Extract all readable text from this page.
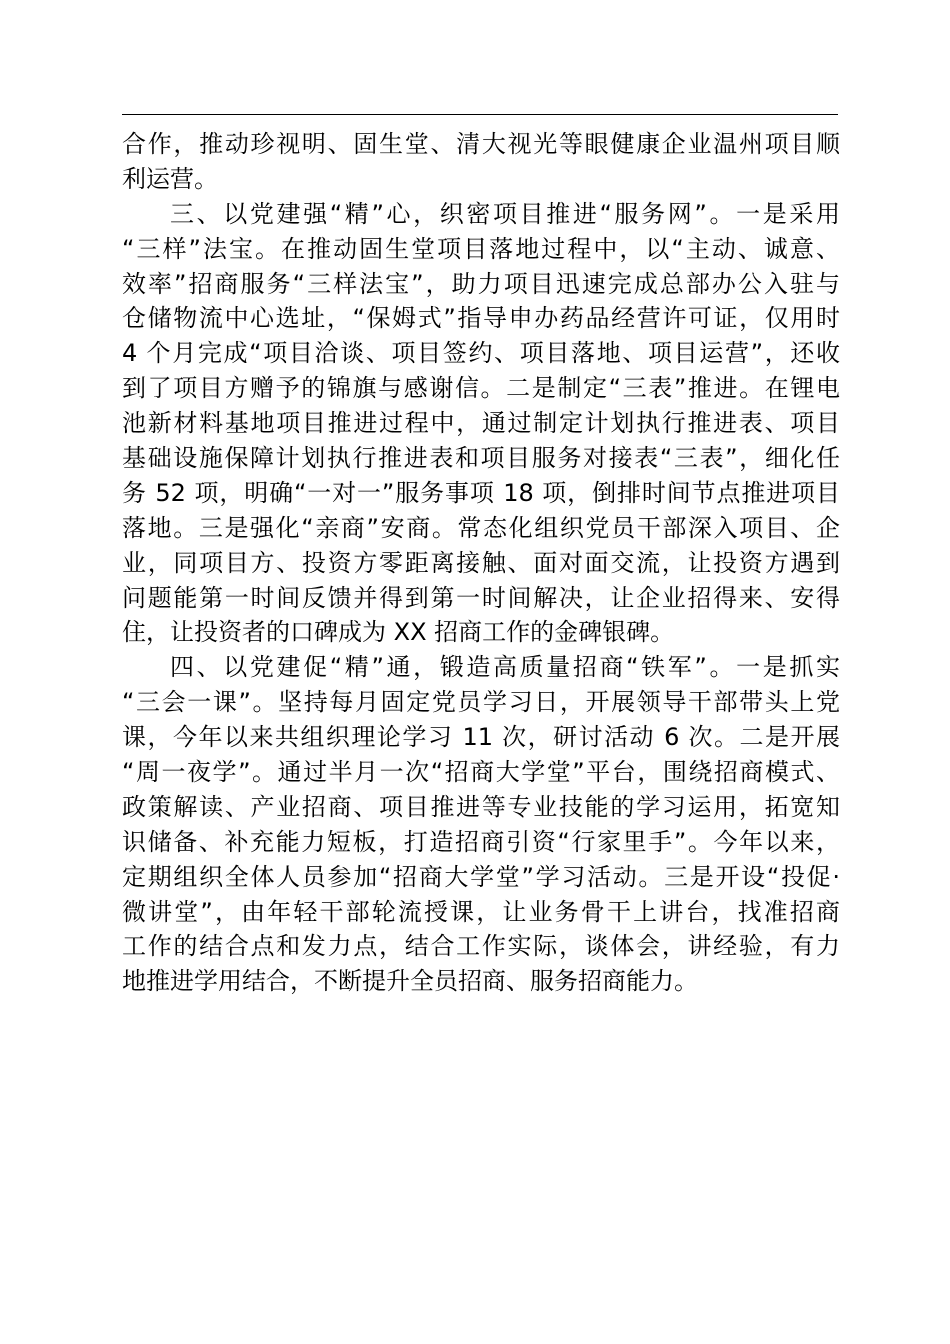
合作，推动珍视明、固生堂、清大视光等眼健康企业温州项目顺
利运营。
三、以党建强“精”心，织密项目推进“服务网”。一是采用
“三样”法宝。在推动固生堂项目落地过程中，以“主动、诚意、
效率”招商服务“三样法宝”，助力项目迅速完成总部办公入驻与
仓储物流中心选址，“保姆式”指导申办药品经营许可证，仅用时
4 个月完成“项目洽谈、项目签约、项目落地、项目运营”，还收
到了项目方赠予的锦旗与感谢信。二是制定“三表”推进。在锂电
池新材料基地项目推进过程中，通过制定计划执行推进表、项目
基础设施保障计划执行推进表和项目服务对接表“三表”，细化任
务 52 项，明确“一对一”服务事项 18 项，倒排时间节点推进项目
落地。三是强化“亲商”安商。常态化组织党员干部深入项目、企
业，同项目方、投资方零距离接触、面对面交流，让投资方遇到
问题能第一时间反馈并得到第一时间解决，让企业招得来、安得
住，让投资者的口碑成为 XX 招商工作的金碑银碑。
四、以党建促“精”通，锻造高质量招商“铁军”。一是抓实
“三会一课”。坚持每月固定党员学习日，开展领导干部带头上党
课，今年以来共组织理论学习 11 次，研讨活动 6 次。二是开展
“周一夜学”。通过半月一次“招商大学堂”平台，围绕招商模式、
政策解读、产业招商、项目推进等专业技能的学习运用，拓宽知
识储备、补充能力短板，打造招商引资“行家里手”。今年以来，
定期组织全体人员参加“招商大学堂”学习活动。三是开设“投促·
微讲堂”，由年轻干部轮流授课，让业务骨干上讲台，找准招商
工作的结合点和发力点，结合工作实际，谈体会，讲经验，有力
地推进学用结合，不断提升全员招商、服务招商能力。
